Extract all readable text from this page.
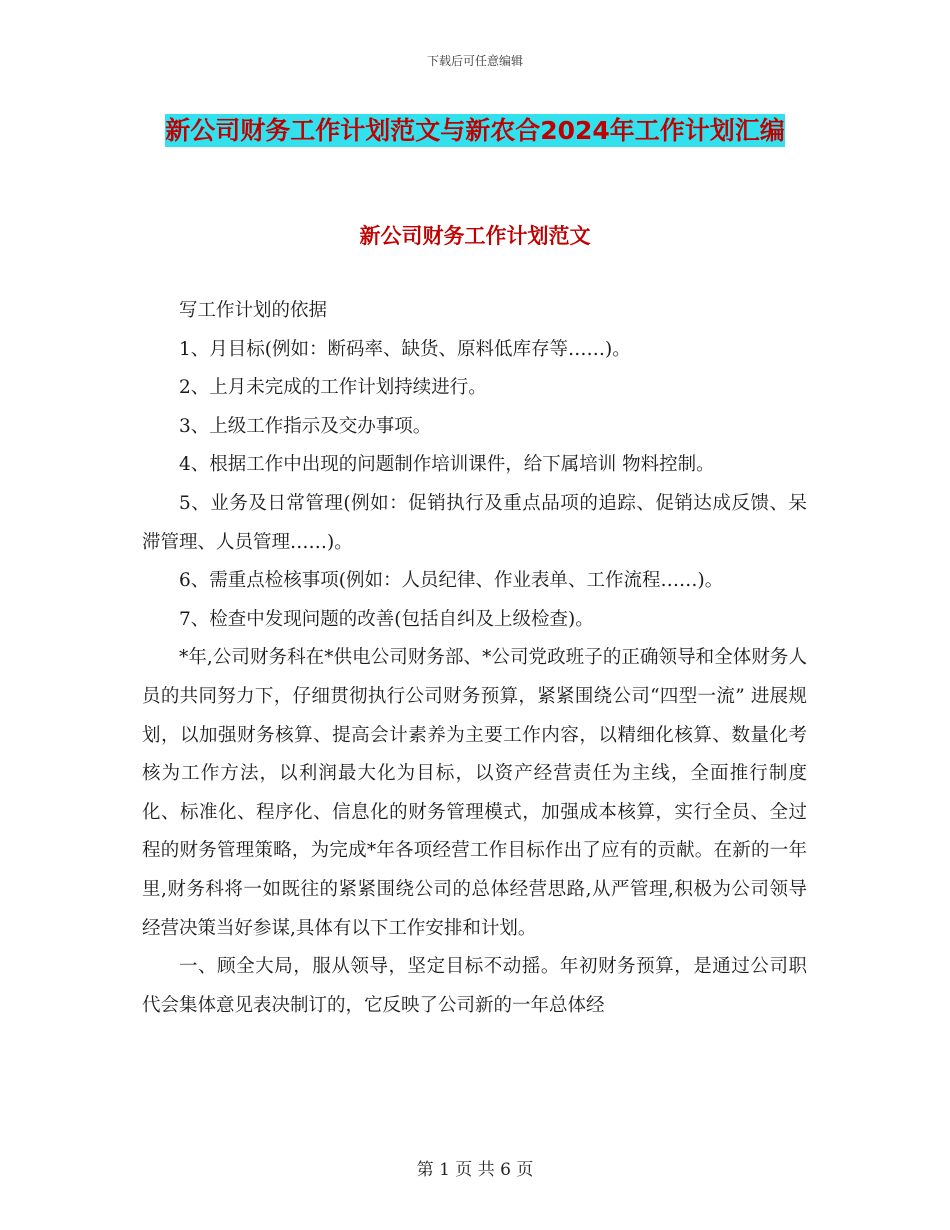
下载后可任意编辑
新公司财务工作计划范文与新农合2024年工作计划汇编
新公司财务工作计划范文

写工作计划的依据

1、月目标(例如：断码率、缺货、原料低库存等……)。

2、上月未完成的工作计划持续进行。

3、上级工作指示及交办事项。

4、根据工作中出现的问题制作培训课件，给下属培训 物料控制。

5、业务及日常管理(例如：促销执行及重点品项的追踪、促销达成反馈、呆滞管理、人员管理……)。

6、需重点检核事项(例如：人员纪律、作业表单、工作流程……)。

7、检查中发现问题的改善(包括自纠及上级检查)。

*年,公司财务科在*供电公司财务部、*公司党政班子的正确领导和全体财务人员的共同努力下，仔细贯彻执行公司财务预算，紧紧围绕公司“四型一流” 进展规划，以加强财务核算、提高会计素养为主要工作内容，以精细化核算、数量化考核为工作方法，以利润最大化为目标，以资产经营责任为主线，全面推行制度化、标准化、程序化、信息化的财务管理模式，加强成本核算，实行全员、全过程的财务管理策略，为完成*年各项经营工作目标作出了应有的贡献。在新的一年里,财务科将一如既往的紧紧围绕公司的总体经营思路,从严管理,积极为公司领导经营决策当好参谋,具体有以下工作安排和计划。

一、顾全大局，服从领导，坚定目标不动摇。年初财务预算，是通过公司职代会集体意见表决制订的，它反映了公司新的一年总体经

第 1 页 共 6 页
